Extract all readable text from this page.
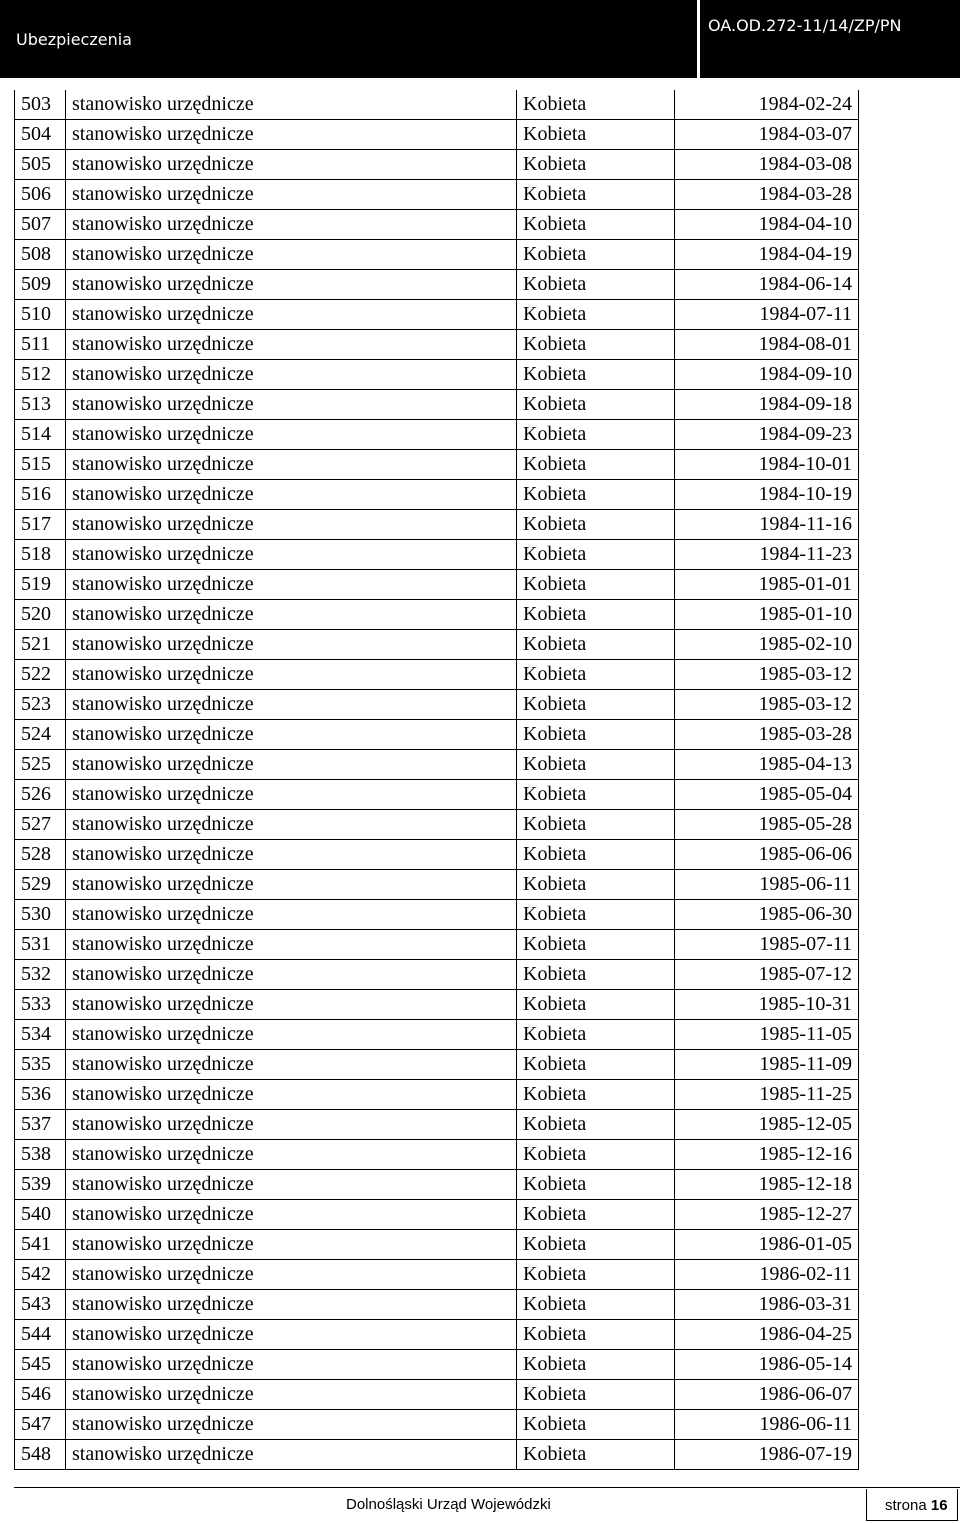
Ubezpieczenia
OA.OD.272-11/14/ZP/PN
503	stanowisko urzędnicze	Kobieta	1984-02-24
504	stanowisko urzędnicze	Kobieta	1984-03-07
505	stanowisko urzędnicze	Kobieta	1984-03-08
506	stanowisko urzędnicze	Kobieta	1984-03-28
507	stanowisko urzędnicze	Kobieta	1984-04-10
508	stanowisko urzędnicze	Kobieta	1984-04-19
509	stanowisko urzędnicze	Kobieta	1984-06-14
510	stanowisko urzędnicze	Kobieta	1984-07-11
511	stanowisko urzędnicze	Kobieta	1984-08-01
512	stanowisko urzędnicze	Kobieta	1984-09-10
513	stanowisko urzędnicze	Kobieta	1984-09-18
514	stanowisko urzędnicze	Kobieta	1984-09-23
515	stanowisko urzędnicze	Kobieta	1984-10-01
516	stanowisko urzędnicze	Kobieta	1984-10-19
517	stanowisko urzędnicze	Kobieta	1984-11-16
518	stanowisko urzędnicze	Kobieta	1984-11-23
519	stanowisko urzędnicze	Kobieta	1985-01-01
520	stanowisko urzędnicze	Kobieta	1985-01-10
521	stanowisko urzędnicze	Kobieta	1985-02-10
522	stanowisko urzędnicze	Kobieta	1985-03-12
523	stanowisko urzędnicze	Kobieta	1985-03-12
524	stanowisko urzędnicze	Kobieta	1985-03-28
525	stanowisko urzędnicze	Kobieta	1985-04-13
526	stanowisko urzędnicze	Kobieta	1985-05-04
527	stanowisko urzędnicze	Kobieta	1985-05-28
528	stanowisko urzędnicze	Kobieta	1985-06-06
529	stanowisko urzędnicze	Kobieta	1985-06-11
530	stanowisko urzędnicze	Kobieta	1985-06-30
531	stanowisko urzędnicze	Kobieta	1985-07-11
532	stanowisko urzędnicze	Kobieta	1985-07-12
533	stanowisko urzędnicze	Kobieta	1985-10-31
534	stanowisko urzędnicze	Kobieta	1985-11-05
535	stanowisko urzędnicze	Kobieta	1985-11-09
536	stanowisko urzędnicze	Kobieta	1985-11-25
537	stanowisko urzędnicze	Kobieta	1985-12-05
538	stanowisko urzędnicze	Kobieta	1985-12-16
539	stanowisko urzędnicze	Kobieta	1985-12-18
540	stanowisko urzędnicze	Kobieta	1985-12-27
541	stanowisko urzędnicze	Kobieta	1986-01-05
542	stanowisko urzędnicze	Kobieta	1986-02-11
543	stanowisko urzędnicze	Kobieta	1986-03-31
544	stanowisko urzędnicze	Kobieta	1986-04-25
545	stanowisko urzędnicze	Kobieta	1986-05-14
546	stanowisko urzędnicze	Kobieta	1986-06-07
547	stanowisko urzędnicze	Kobieta	1986-06-11
548	stanowisko urzędnicze	Kobieta	1986-07-19
Dolnośląski Urząd Wojewódzki	strona 16
